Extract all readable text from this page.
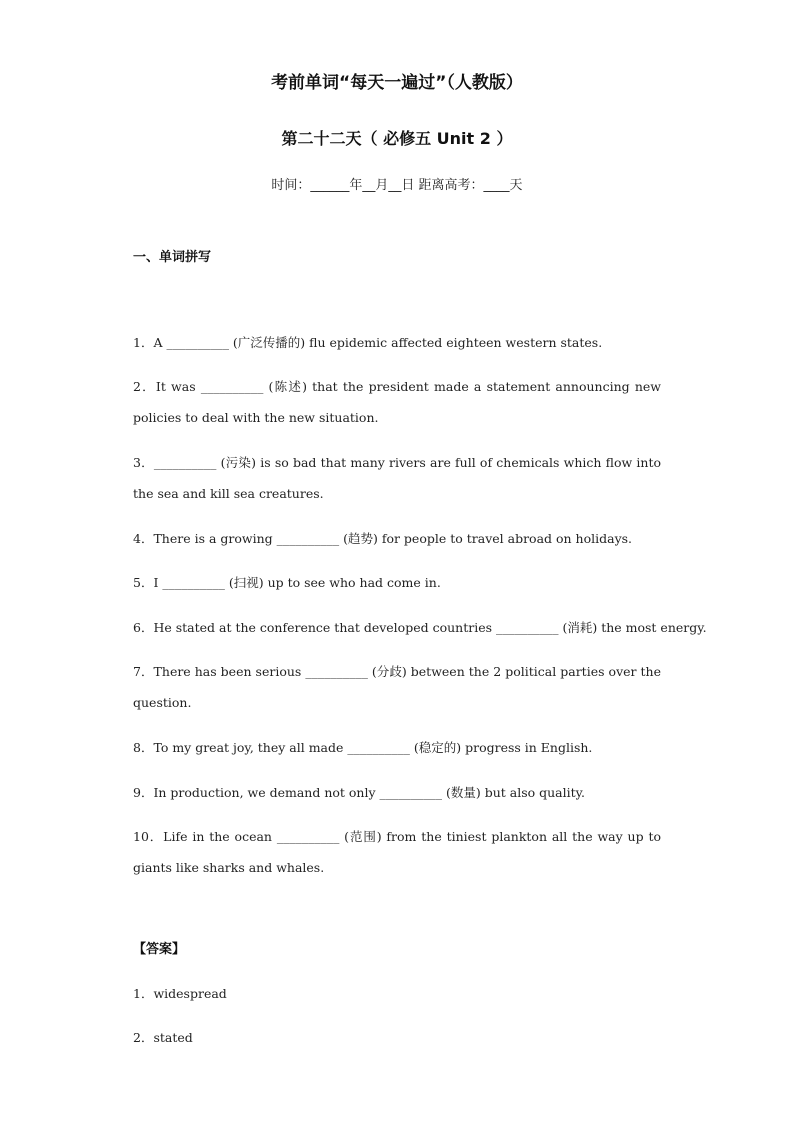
考前单词“每天一遍过”（人教版）
第二十二天（ 必修五 Unit 2 ）
时间：______年__月__日 距离高考：____天
一、单词拼写
1．A __________ (广泛传播的) flu epidemic affected eighteen western states.
2．It was __________ (陈述) that the president made a statement announcing new policies to deal with the new situation.
3．__________ (污染) is so bad that many rivers are full of chemicals which flow into the sea and kill sea creatures.
4．There is a growing __________ (趋势) for people to travel abroad on holidays.
5．I __________ (扫视) up to see who had come in.
6．He stated at the conference that developed countries __________ (消耗) the most energy.
7．There has been serious __________ (分歧) between the 2 political parties over the question.
8．To my great joy, they all made __________ (稳定的) progress in English.
9．In production, we demand not only __________ (数量) but also quality.
10．Life in the ocean __________ (范围) from the tiniest plankton all the way up to giants like sharks and whales.
【答案】
1．widespread
2．stated
